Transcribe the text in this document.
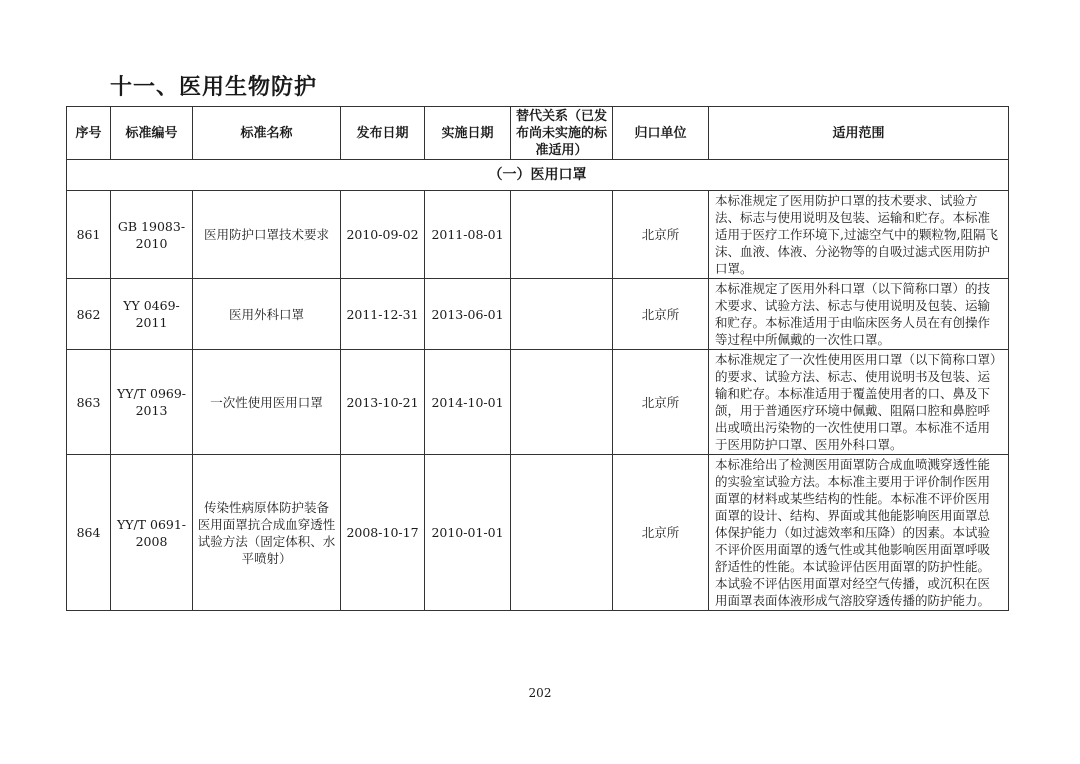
十一、医用生物防护
序号	标准编号	标准名称	发布日期	实施日期	替代关系（已发布尚未实施的标准适用）	归口单位	适用范围
（一）医用口罩							
861	GB 19083-2010	医用防护口罩技术要求	2010-09-02	2011-08-01		北京所	本标准规定了医用防护口罩的技术要求、试验方法、标志与使用说明及包装、运输和贮存。本标准适用于医疗工作环境下,过滤空气中的颗粒物,阻隔飞沫、血液、体液、分泌物等的自吸过滤式医用防护口罩。
862	YY 0469-2011	医用外科口罩	2011-12-31	2013-06-01		北京所	本标准规定了医用外科口罩（以下简称口罩）的技术要求、试验方法、标志与使用说明及包装、运输和贮存。本标准适用于由临床医务人员在有创操作等过程中所佩戴的一次性口罩。
863	YY/T 0969-2013	一次性使用医用口罩	2013-10-21	2014-10-01		北京所	本标准规定了一次性使用医用口罩（以下简称口罩）的要求、试验方法、标志、使用说明书及包装、运输和贮存。本标准适用于覆盖使用者的口、鼻及下颌，用于普通医疗环境中佩戴、阻隔口腔和鼻腔呼出或喷出污染物的一次性使用口罩。本标准不适用于医用防护口罩、医用外科口罩。
864	YY/T 0691-2008	传染性病原体防护装备 医用面罩抗合成血穿透性试验方法（固定体积、水平喷射）	2008-10-17	2010-01-01		北京所	本标准给出了检测医用面罩防合成血喷溅穿透性能的实验室试验方法。本标准主要用于评价制作医用面罩的材料或某些结构的性能。本标准不评价医用面罩的设计、结构、界面或其他能影响医用面罩总体保护能力（如过滤效率和压降）的因素。本试验不评价医用面罩的透气性或其他影响医用面罩呼吸舒适性的性能。本试验评估医用面罩的防护性能。本试验不评估医用面罩对经空气传播，或沉积在医用面罩表面体液形成气溶胶穿透传播的防护能力。
202
